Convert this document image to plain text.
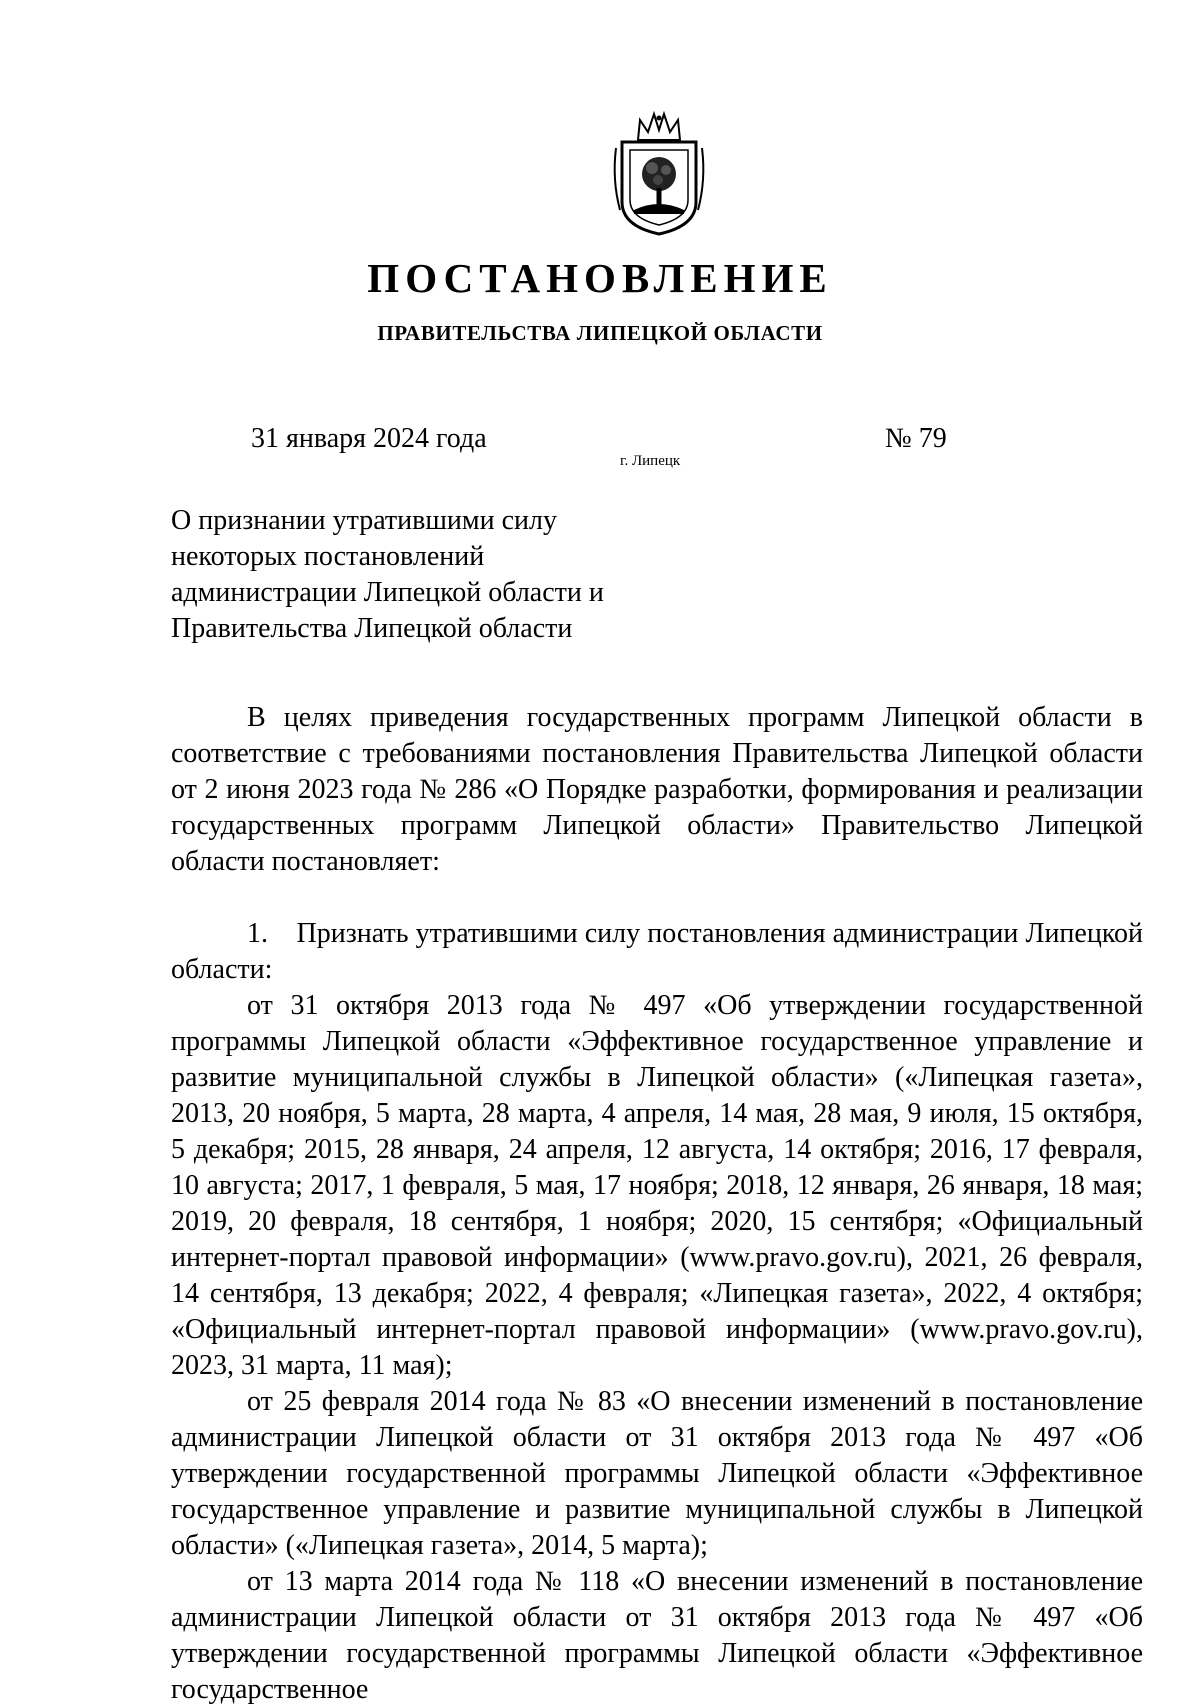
ПОСТАНОВЛЕНИЕ
ПРАВИТЕЛЬСТВА ЛИПЕЦКОЙ ОБЛАСТИ
31 января 2024 года
г. Липецк
№ 79
О признании утратившими силу
некоторых постановлений
администрации Липецкой области и
Правительства Липецкой области

В целях приведения государственных программ Липецкой области в соответствие с требованиями постановления Правительства Липецкой области от 2 июня 2023 года № 286 «О Порядке разработки, формирования и реализации государственных программ Липецкой области» Правительство Липецкой области постановляет:

1.    Признать утратившими силу постановления администрации Липецкой области:

от 31 октября 2013 года № 497 «Об утверждении государственной программы Липецкой области «Эффективное государственное управление и развитие муниципальной службы в Липецкой области» («Липецкая газета», 2013, 20 ноября, 5 марта, 28 марта, 4 апреля, 14 мая, 28 мая, 9 июля, 15 октября, 5 декабря; 2015, 28 января, 24 апреля, 12 августа, 14 октября; 2016, 17 февраля, 10 августа; 2017, 1 февраля, 5 мая, 17 ноября; 2018, 12 января, 26 января, 18 мая; 2019, 20 февраля, 18 сентября, 1 ноября; 2020, 15 сентября; «Официальный интернет-портал правовой информации» (www.pravo.gov.ru), 2021, 26 февраля, 14 сентября, 13 декабря; 2022, 4 февраля; «Липецкая газета», 2022, 4 октября; «Официальный интернет-портал правовой информации» (www.pravo.gov.ru), 2023, 31 марта, 11 мая);

от 25 февраля 2014 года № 83 «О внесении изменений в постановление администрации Липецкой области от 31 октября 2013 года № 497 «Об утверждении государственной программы Липецкой области «Эффективное государственное управление и развитие муниципальной службы в Липецкой области» («Липецкая газета», 2014, 5 марта);

от 13 марта 2014 года № 118 «О внесении изменений в постановление администрации Липецкой области от 31 октября 2013 года № 497 «Об утверждении государственной программы Липецкой области «Эффективное государственное
